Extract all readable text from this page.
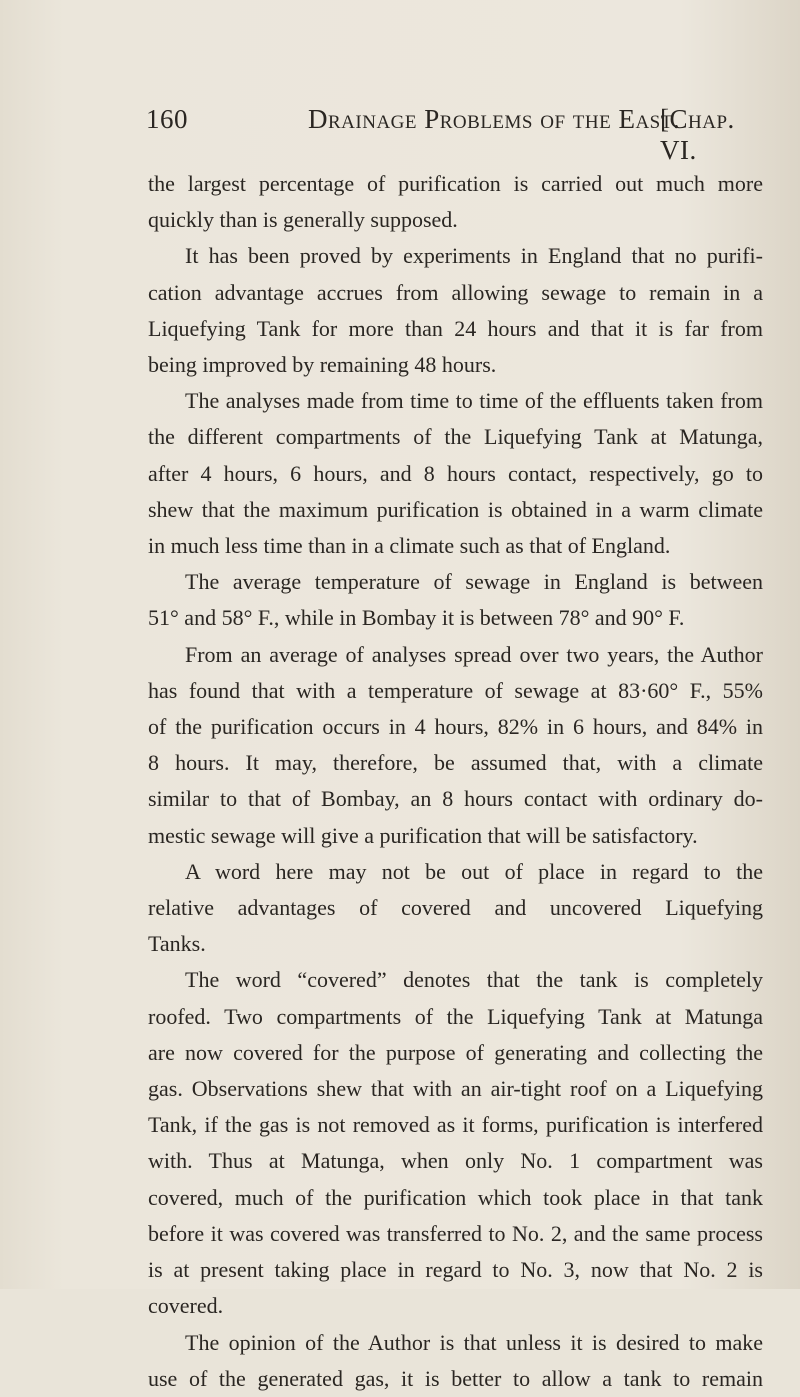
160	Drainage Problems of the East.
[Chap. VI.
the largest percentage of purification is carried out much more
quickly than is generally supposed.
It has been proved by experiments in England that no purifi-
cation advantage accrues from allowing sewage to remain in a
Liquefying Tank for more than 24 hours and that it is far from
being improved by remaining 48 hours.
The analyses made from time to time of the effluents taken from
the different compartments of the Liquefying Tank at Matunga,
after 4 hours, 6 hours, and 8 hours contact, respectively, go to
shew that the maximum purification is obtained in a warm climate
in much less time than in a climate such as that of England.
The average temperature of sewage in England is between
51° and 58° F., while in Bombay it is between 78° and 90° F.
From an average of analyses spread over two years, the Author
has found that with a temperature of sewage at 83·60° F., 55%
of the purification occurs in 4 hours, 82% in 6 hours, and 84% in
8 hours. It may, therefore, be assumed that, with a climate
similar to that of Bombay, an 8 hours contact with ordinary do-
mestic sewage will give a purification that will be satisfactory.
A word here may not be out of place in regard to the
relative advantages of covered and uncovered Liquefying
Tanks.
The word “covered” denotes that the tank is completely
roofed. Two compartments of the Liquefying Tank at Matunga
are now covered for the purpose of generating and collecting the
gas. Observations shew that with an air-tight roof on a Liquefying
Tank, if the gas is not removed as it forms, purification is interfered
with. Thus at Matunga, when only No. 1 compartment was
covered, much of the purification which took place in that tank
before it was covered was transferred to No. 2, and the same process
is at present taking place in regard to No. 3, now that No. 2 is
covered.
The opinion of the Author is that unless it is desired to make
use of the generated gas, it is better to allow a tank to remain
